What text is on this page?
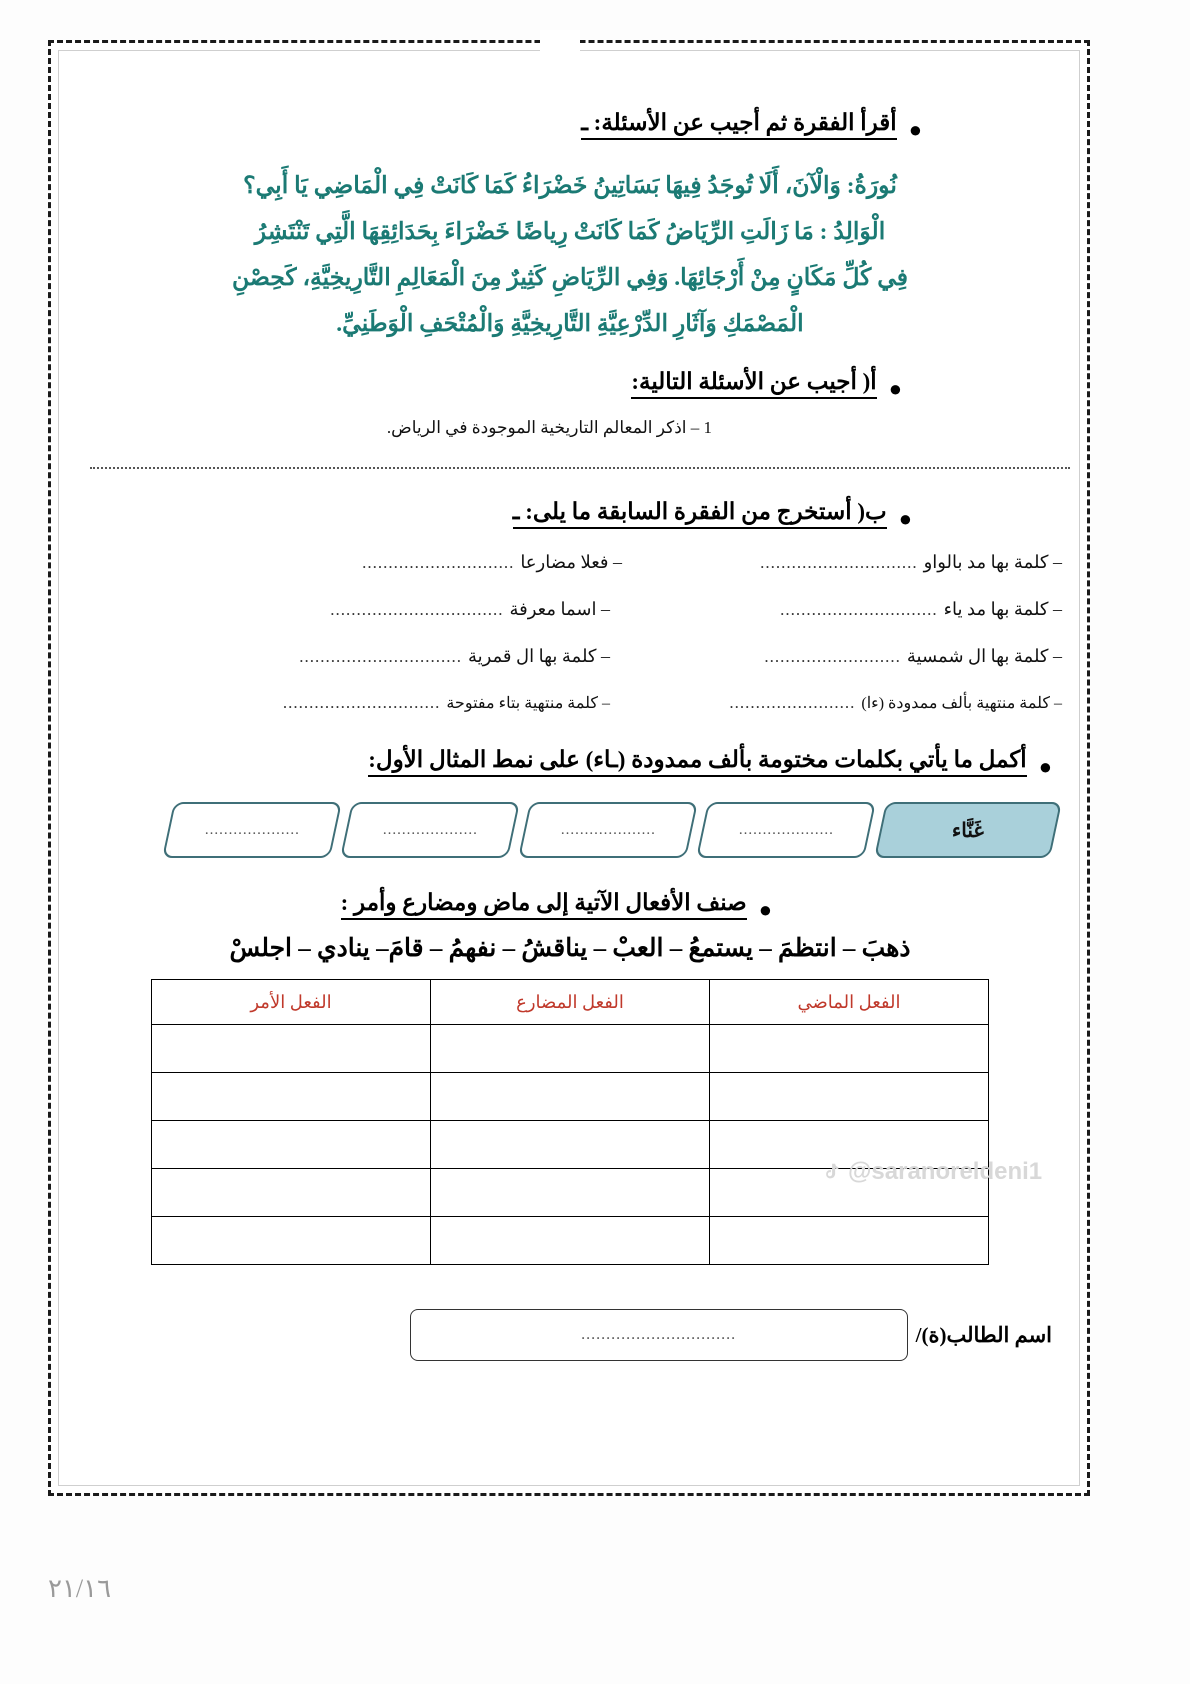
●
أقرأ الفقرة ثم أجيب عن الأسئلة: ـ
نُورَةُ: وَالْآنَ، أَلَا تُوجَدُ فِيهَا بَسَاتِينُ خَضْرَاءُ كَمَا كَانَتْ فِي الْمَاضِي يَا أَبِي؟
الْوَالِدُ : مَا زَالَتِ الرِّيَاضُ كَمَا كَانَتْ رِياضًا خَضْرَاءَ بِحَدَائِقِهَا الَّتِي تَنْتَشِرُ
فِي كُلِّ مَكَانٍ مِنْ أَرْجَائِهَا. وَفِي الرِّيَاضِ كَثِيرٌ مِنَ الْمَعَالِمِ التَّارِيخِيَّةِ، كَحِصْنِ
الْمَصْمَكِ وَآثَارِ الدِّرْعِيَّةِ التَّارِيخِيَّةِ وَالْمُتْحَفِ الْوَطَنِيِّ.
●
أ( أجيب عن الأسئلة التالية:
1 – اذكر المعالم التاريخية الموجودة في الرياض.
●
ب( أستخرج من الفقرة السابقة ما يلى: ـ
– كلمة بها مد بالواو
..............................
– فعلا مضارعا
.............................
– كلمة بها مد ياء
..............................
– اسما معرفة
.................................
– كلمة بها ال شمسية
..........................
– كلمة بها ال قمرية
...............................
– كلمة منتهية بألف ممدودة (ءا)
........................
– كلمة منتهية بتاء مفتوحة
..............................
●
أكمل ما يأتي بكلمات مختومة بألف ممدودة (ـاء) على نمط المثال الأول:
غَنَّاء
....................
....................
....................
....................
●
صنف الأفعال الآتية إلى ماض ومضارع وأمر :
ذهبَ – انتظمَ – يستمعُ – العبْ – يناقشُ – نفهمُ – قامَ– ينادي – اجلسْ
الفعل الماضي	الفعل المضارع	الفعل الأمر

اسم الطالب(ة)/
...............................
@saranoreldeni1
٢١/١٦
